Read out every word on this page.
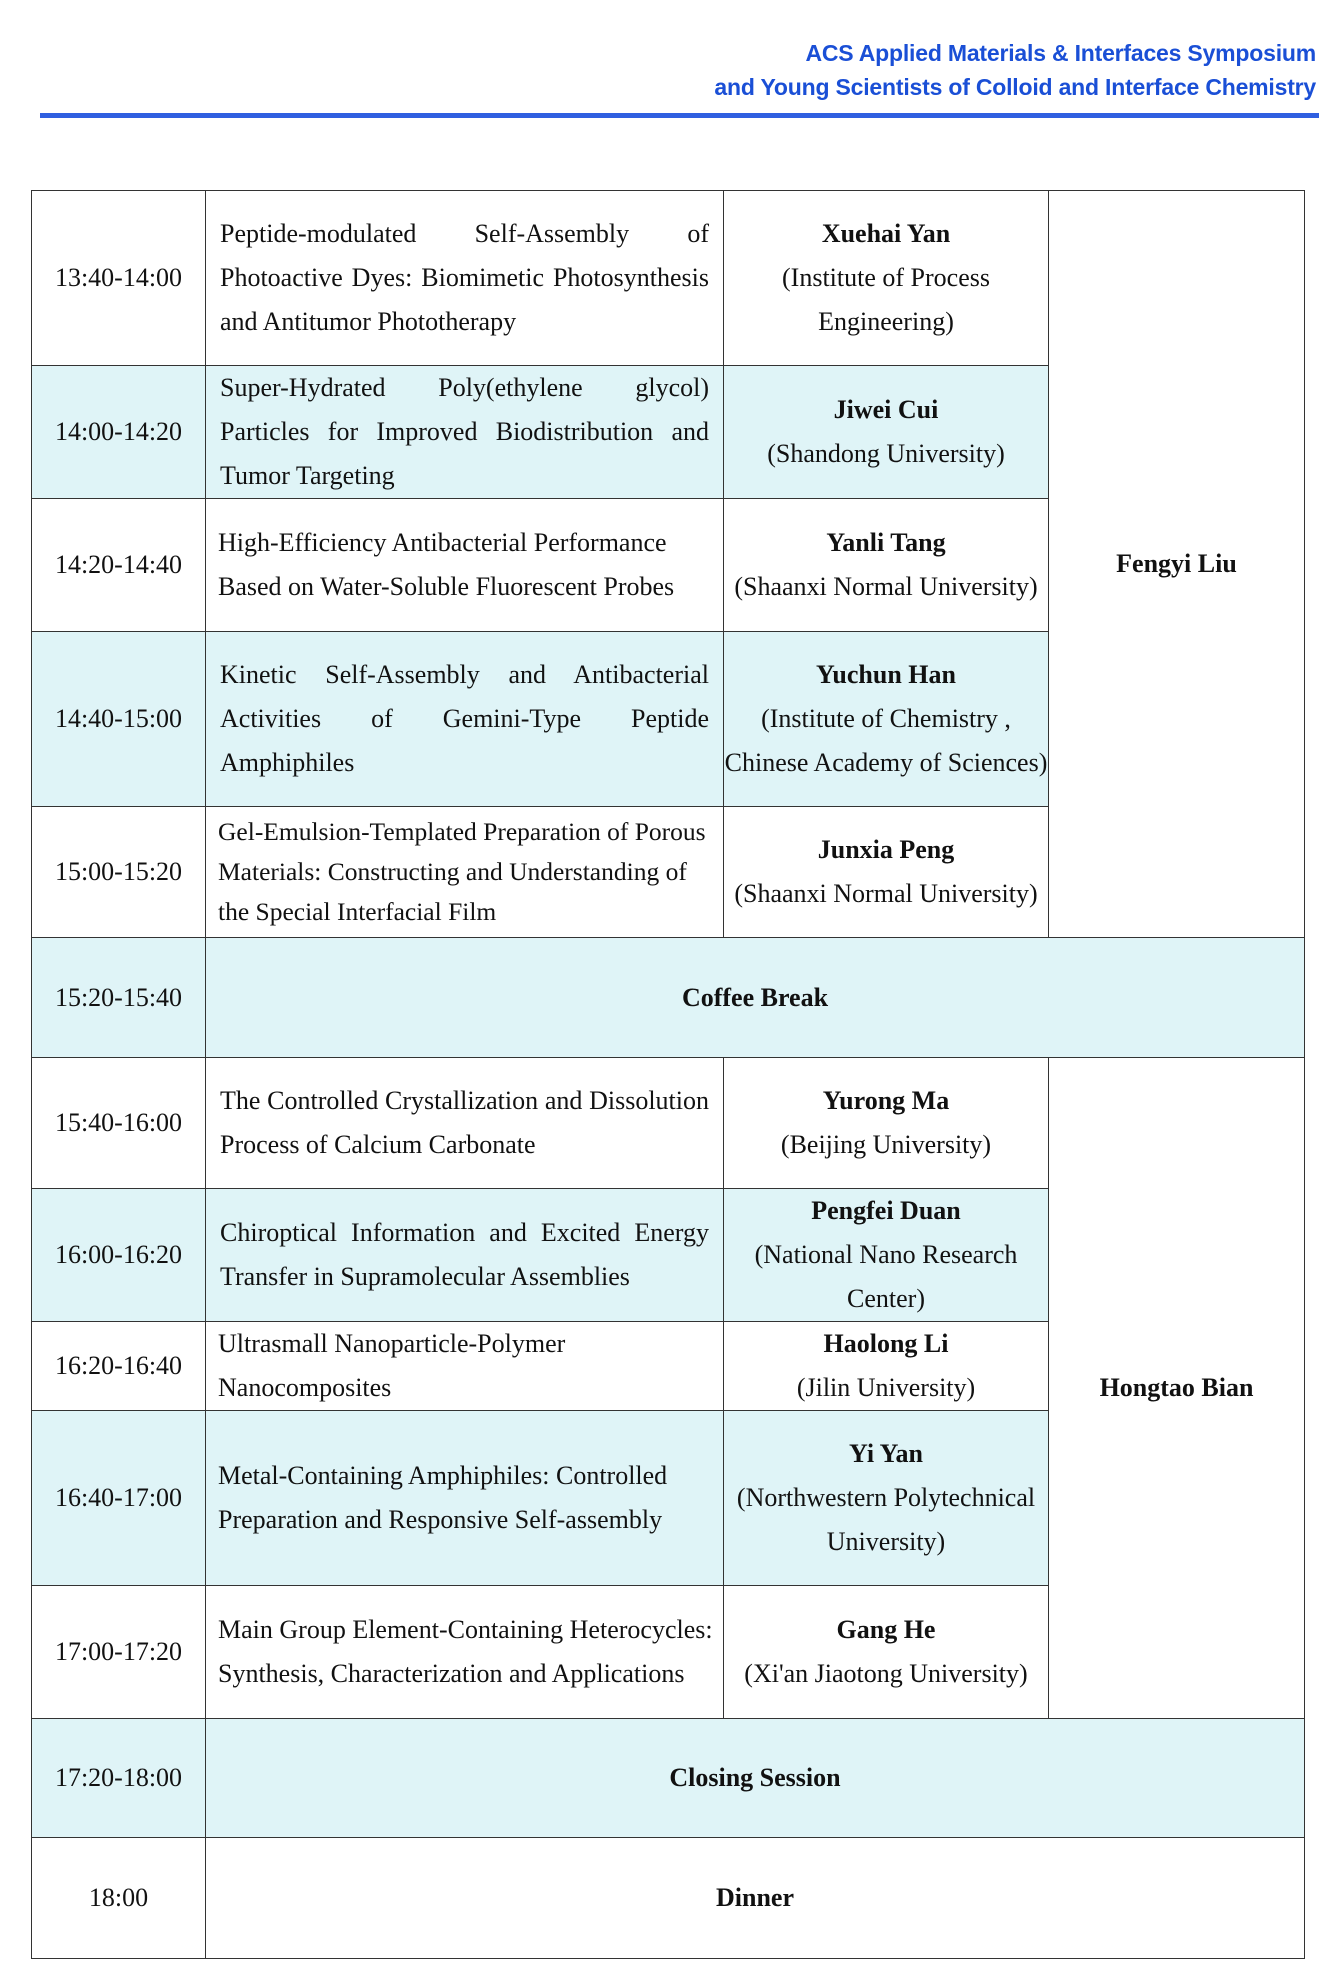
ACS Applied Materials & Interfaces Symposium
and Young Scientists of Colloid and Interface Chemistry
13:40-14:00	Peptide-modulated Self-Assembly of Photoactive Dyes: Biomimetic Photosynthesis and Antitumor Phototherapy	Xuehai Yan
(Institute of Process Engineering)	Fengyi Liu
14:00-14:20	Super-Hydrated Poly(ethylene glycol) Particles for Improved Biodistribution and Tumor Targeting	Jiwei Cui
(Shandong University)	

14:20-14:40	High-Efficiency Antibacterial Performance Based on Water-Soluble Fluorescent Probes	Yanli Tang
(Shaanxi Normal University)	

14:40-15:00	Kinetic Self-Assembly and Antibacterial Activities of Gemini-Type Peptide Amphiphiles	Yuchun Han
(Institute of Chemistry , Chinese Academy of Sciences)	

15:00-15:20	Gel-Emulsion-Templated Preparation of Porous Materials: Constructing and Understanding of the Special Interfacial Film	Junxia Peng
(Shaanxi Normal University)	

15:20-15:40	Coffee Break		
15:40-16:00	The Controlled Crystallization and Dissolution Process of Calcium Carbonate	Yurong Ma
(Beijing University)	Hongtao Bian
16:00-16:20	Chiroptical Information and Excited Energy Transfer in Supramolecular Assemblies	Pengfei Duan
(National Nano Research Center)	

16:20-16:40	Ultrasmall Nanoparticle-Polymer Nanocomposites	Haolong Li
(Jilin University)	

16:40-17:00	Metal-Containing Amphiphiles: Controlled Preparation and Responsive Self-assembly	Yi Yan
(Northwestern Polytechnical University)	

17:00-17:20	Main Group Element-Containing Heterocycles: Synthesis, Characterization and Applications	Gang He
(Xi'an Jiaotong University)	

17:20-18:00	Closing Session		
18:00	Dinner		
